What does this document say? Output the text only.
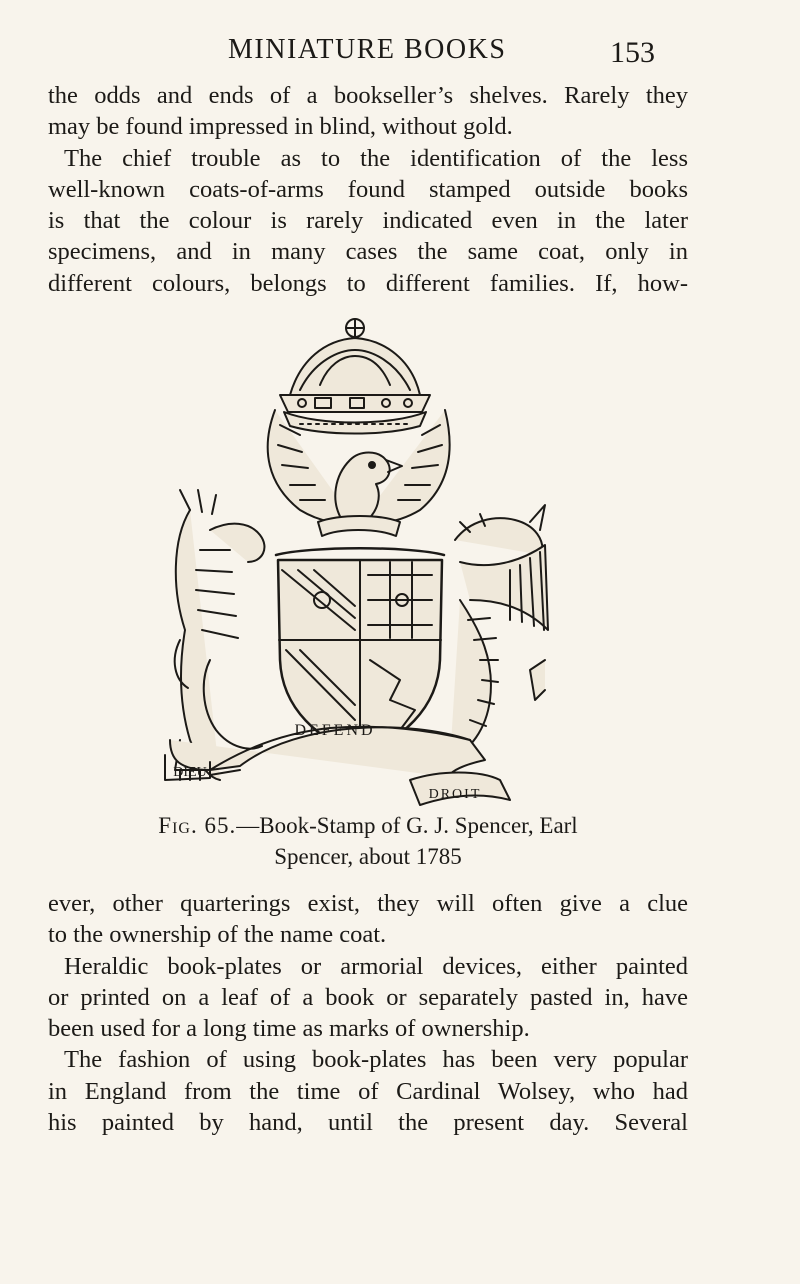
MINIATURE BOOKS	153

the odds and ends of a bookseller’s shelves. Rarely they
may be found impressed in blind, without gold.
The chief trouble as to the identification of the less
well-known coats-of-arms found stamped outside books
is that the colour is rarely indicated even in the later
specimens, and in many cases the same coat, only in
different colours, belongs to different families. If, how-

DEFEND
DIEU
DROIT
Fig. 65.—Book-Stamp of G. J. Spencer, Earl
Spencer, about 1785

ever, other quarterings exist, they will often give a clue
to the ownership of the name coat.
Heraldic book-plates or armorial devices, either painted
or printed on a leaf of a book or separately pasted in, have
been used for a long time as marks of ownership.
The fashion of using book-plates has been very popular
in England from the time of Cardinal Wolsey, who had
his painted by hand, until the present day. Several
